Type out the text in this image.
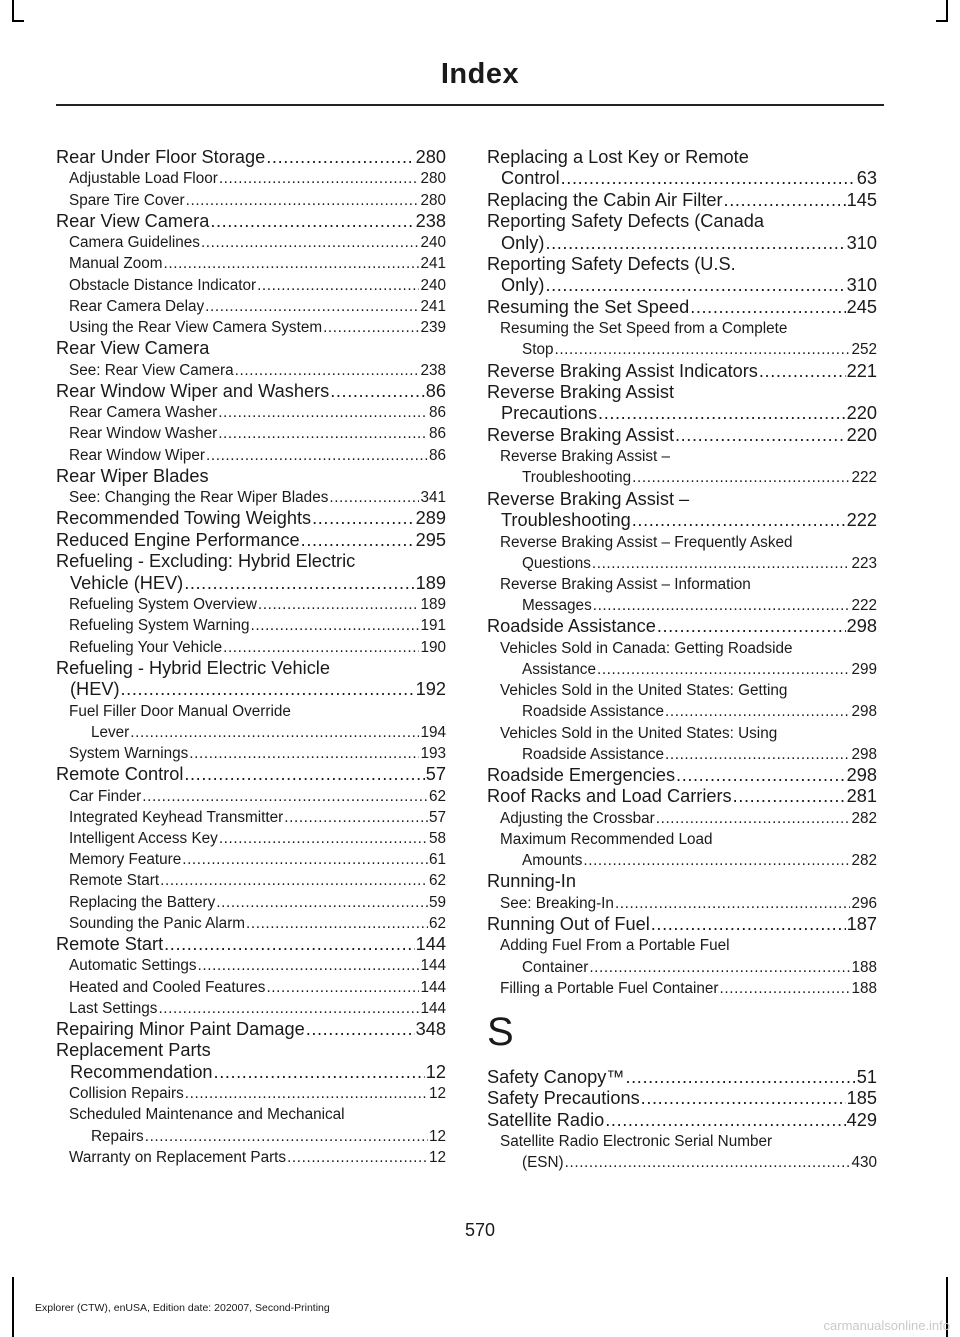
Index
Rear Under Floor Storage .....	280
Adjustable Load Floor .....	280
Spare Tire Cover .....	280
Rear View Camera .....	238
Camera Guidelines .....	240
Manual Zoom .....	241
Obstacle Distance Indicator .....	240
Rear Camera Delay .....	241
Using the Rear View Camera System .....	239
Rear View Camera
See: Rear View Camera .....	238
Rear Window Wiper and Washers .....	86
Rear Camera Washer .....	86
Rear Window Washer .....	86
Rear Window Wiper .....	86
Rear Wiper Blades
See: Changing the Rear Wiper Blades .....	341
Recommended Towing Weights .....	289
Reduced Engine Performance .....	295
Refueling - Excluding: Hybrid Electric
Vehicle (HEV) .....	189
Refueling System Overview .....	189
Refueling System Warning .....	191
Refueling Your Vehicle .....	190
Refueling - Hybrid Electric Vehicle
(HEV) .....	192
Fuel Filler Door Manual Override
Lever .....	194
System Warnings .....	193
Remote Control .....	57
Car Finder .....	62
Integrated Keyhead Transmitter .....	57
Intelligent Access Key .....	58
Memory Feature .....	61
Remote Start .....	62
Replacing the Battery .....	59
Sounding the Panic Alarm .....	62
Remote Start .....	144
Automatic Settings .....	144
Heated and Cooled Features .....	144
Last Settings .....	144
Repairing Minor Paint Damage .....	348
Replacement Parts
Recommendation .....	12
Collision Repairs .....	12
Scheduled Maintenance and Mechanical
Repairs .....	12
Warranty on Replacement Parts .....	12
Replacing a Lost Key or Remote
Control .....	63
Replacing the Cabin Air Filter .....	145
Reporting Safety Defects (Canada
Only) .....	310
Reporting Safety Defects (U.S.
Only) .....	310
Resuming the Set Speed .....	245
Resuming the Set Speed from a Complete
Stop .....	252
Reverse Braking Assist Indicators .....	221
Reverse Braking Assist
Precautions .....	220
Reverse Braking Assist .....	220
Reverse Braking Assist –
Troubleshooting .....	222
Reverse Braking Assist –
Troubleshooting .....	222
Reverse Braking Assist – Frequently Asked
Questions .....	223
Reverse Braking Assist – Information
Messages .....	222
Roadside Assistance .....	298
Vehicles Sold in Canada: Getting Roadside
Assistance .....	299
Vehicles Sold in the United States: Getting
Roadside Assistance .....	298
Vehicles Sold in the United States: Using
Roadside Assistance .....	298
Roadside Emergencies .....	298
Roof Racks and Load Carriers .....	281
Adjusting the Crossbar .....	282
Maximum Recommended Load
Amounts .....	282
Running-In
See: Breaking-In .....	296
Running Out of Fuel .....	187
Adding Fuel From a Portable Fuel
Container .....	188
Filling a Portable Fuel Container .....	188
S
Safety Canopy™ .....	51
Safety Precautions .....	185
Satellite Radio .....	429
Satellite Radio Electronic Serial Number
(ESN) .....	430
570
Explorer (CTW), enUSA, Edition date: 202007, Second-Printing
carmanualsonline.info
